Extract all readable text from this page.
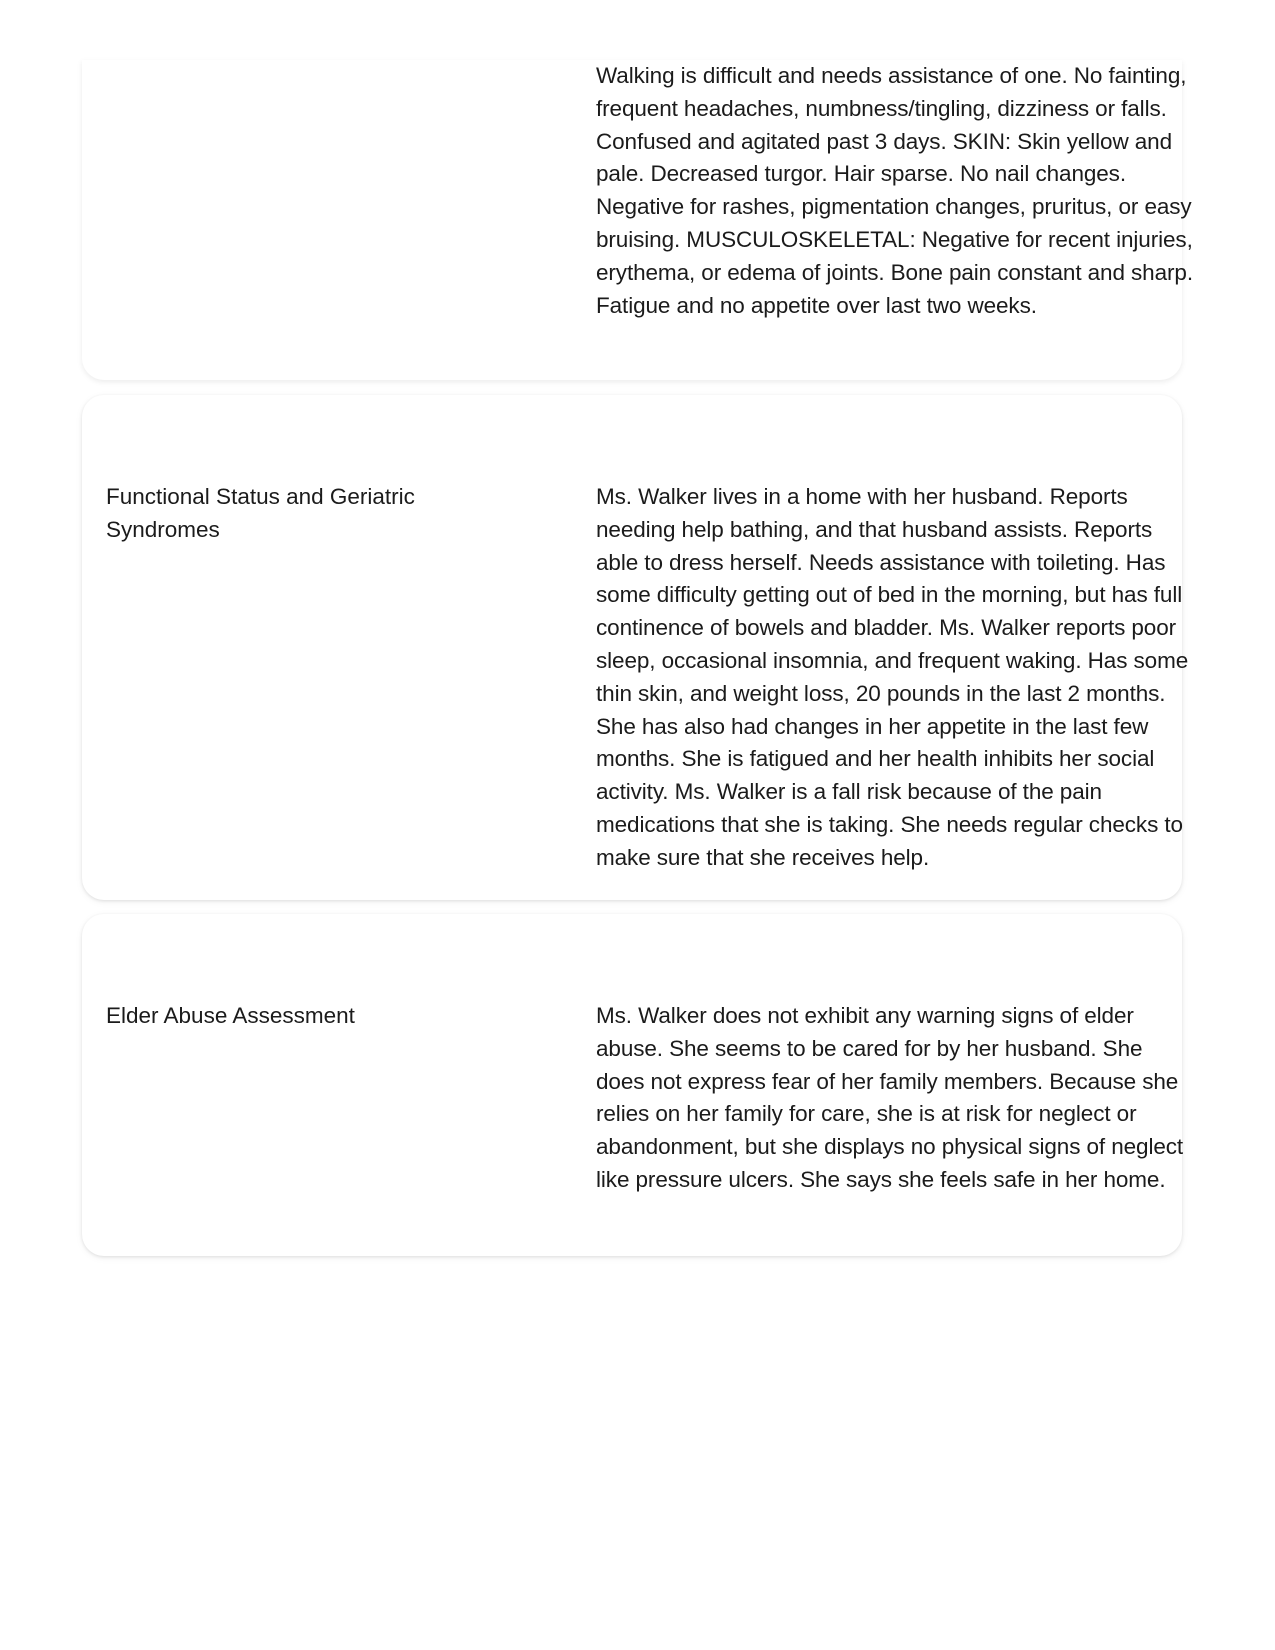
Walking is difficult and needs assistance of one. No fainting, frequent headaches, numbness/tingling, dizziness or falls. Confused and agitated past 3 days. SKIN: Skin yellow and pale. Decreased turgor. Hair sparse. No nail changes. Negative for rashes, pigmentation changes, pruritus, or easy bruising. MUSCULOSKELETAL: Negative for recent injuries, erythema, or edema of joints. Bone pain constant and sharp. Fatigue and no appetite over last two weeks.

Functional Status and Geriatric Syndromes

Ms. Walker lives in a home with her husband. Reports needing help bathing, and that husband assists. Reports able to dress herself. Needs assistance with toileting. Has some difficulty getting out of bed in the morning, but has full continence of bowels and bladder. Ms. Walker reports poor sleep, occasional insomnia, and frequent waking. Has some thin skin, and weight loss, 20 pounds in the last 2 months. She has also had changes in her appetite in the last few months. She is fatigued and her health inhibits her social activity. Ms. Walker is a fall risk because of the pain medications that she is taking. She needs regular checks to make sure that she receives help.

Elder Abuse Assessment	Ms. Walker does not exhibit any warning signs of elder abuse. She seems to be cared for by her husband. She does not express fear of her family members. Because she relies on her family for care, she is at risk for neglect or abandonment, but she displays no physical signs of neglect like pressure ulcers. She says she feels safe in her home.
